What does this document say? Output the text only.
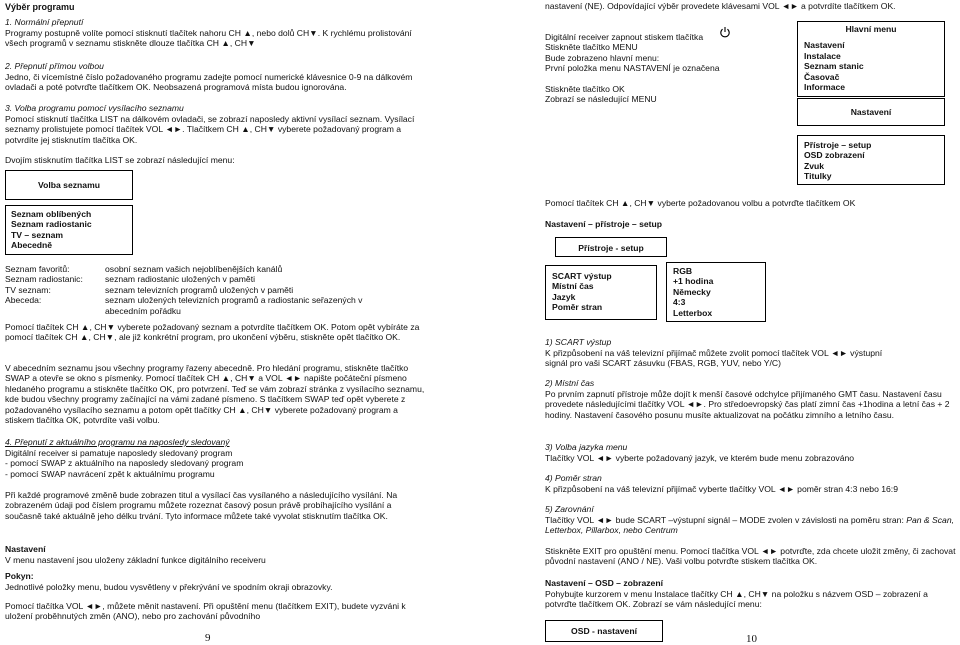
Výběr programu
1. Normální přepnutí

Programy postupně volíte pomocí stisknutí tlačítek nahoru CH ▲, nebo dolů CH▼. K rychlému prolistování všech programů v seznamu stiskněte dlouze tlačítka CH ▲, CH▼

2. Přepnutí přímou volbou

Jedno, či vícemístné číslo požadovaného programu zadejte pomocí numerické klávesnice 0-9 na dálkovém ovladači a poté potvrďte tlačítkem OK. Neobsazená programová místa budou ignorována.

3. Volba programu pomocí vysílacího seznamu

Pomocí stisknutí tlačítka LIST na dálkovém ovladači, se zobrazí naposledy aktivní vysílací seznam. Vysílací seznamy prolistujete pomocí tlačítek VOL ◄►. Tlačítkem CH ▲, CH▼ vyberete požadovaný program a potvrdíte jej stisknutím tlačítka OK.

Dvojím stisknutím tlačítka LIST se zobrazí následující menu:
Volba seznamu
Seznam oblíbených
Seznam radiostanic
TV – seznam
Abecedně
Seznam favoritů:	osobní seznam vašich nejoblíbenějších kanálů
Seznam radiostanic:	seznam radiostanic uložených v paměti
TV seznam:	seznam televizních programů uložených v paměti
Abeceda:	seznam uložených televizních programů a radiostanic seřazených v abecedním pořádku

Pomocí tlačítek CH ▲, CH▼ vyberete požadovaný seznam a potvrdíte tlačítkem OK. Potom opět vybíráte za pomocí tlačítek CH ▲, CH▼, ale již konkrétní program, pro ukončení výběru, stiskněte opět tlačítko OK.

V abecedním seznamu jsou všechny programy řazeny abecedně. Pro hledání programu, stiskněte tlačítko SWAP a otevře se okno s písmenky. Pomocí tlačítek CH ▲, CH▼ a VOL ◄► napište počáteční písmeno hledaného programu a stiskněte tlačítko OK, pro potvrzení. Teď se vám zobrazí stránka z vysílacího seznamu, kde budou všechny programy začínající na vámi zadané písmeno. S tlačítkem SWAP teď opět vyberete z požadovaného vysílacího seznamu a potom opět tlačítky CH ▲, CH▼ vyberete požadovaný program a stiskem tlačítka OK, potvrdíte vaši volbu.

4. Přepnutí z aktuálního programu na naposledy sledovaný
Digitální receiver si pamatuje naposledy sledovaný program
- pomocí SWAP z aktuálního na naposledy sledovaný program
- pomocí SWAP navrácení zpět k aktuálnímu programu

Při každé programové změně bude zobrazen titul a vysílací čas vysílaného a následujícího vysílání. Na zobrazeném údaji pod číslem programu můžete rozeznat časový posun právě probíhajícího vysílání a současně také aktuálně jeho délku trvání. Tyto informace můžete také vyvolat stisknutím tlačítka OK.

Nastavení
V menu nastavení jsou uloženy základní funkce digitálního receiveru
Pokyn:
Jednotlivé položky menu, budou vysvětleny v překrývání ve spodním okraji obrazovky.

Pomocí tlačítka VOL ◄►, můžete měnit nastavení. Při opuštění menu (tlačítkem EXIT), budete vyzváni k uložení proběhnutých změn (ANO), nebo pro zachování původního

9
nastavení (NE). Odpovídající výběr provedete klávesami VOL ◄► a potvrdíte tlačítkem OK.
Digitální receiver zapnout stiskem tlačítka
Stiskněte tlačítko MENU
Bude zobrazeno hlavní menu:
První položka menu NASTAVENÍ je označena
Stiskněte tlačítko OK
Zobrazí se následující MENU
Hlavní menu
Nastavení
Instalace
Seznam stanic
Časovač
Informace
Nastavení
Přístroje – setup
OSD zobrazení
Zvuk
Titulky
Pomocí tlačítek CH ▲, CH▼ vyberte požadovanou volbu a potvrďte tlačítkem OK
Nastavení – přístroje – setup
Přístroje - setup
SCART výstup
Místní čas
Jazyk
Poměr stran
RGB
+1 hodina
Německy
4:3
Letterbox
1) SCART výstup

K přizpůsobení na váš televizní přijímač můžete zvolit pomocí tlačítek VOL ◄► výstupní signál pro vaši SCART zásuvku (FBAS, RGB, YUV, nebo Y/C)

2) Místní čas

Po prvním zapnutí přístroje může dojít k menší časové odchylce přijímaného GMT času. Nastavení času provedete následujícími tlačítky VOL ◄►. Pro středoevropský čas platí zimní čas +1hodina a letní čas + 2 hodiny. Nastavení časového posunu musíte aktualizovat na počátku zimního a letního času.

3) Volba jazyka menu
Tlačítky VOL ◄► vyberte požadovaný jazyk, ve kterém bude menu zobrazováno
4) Poměr stran
K přizpůsobení na váš televizní přijímač vyberte tlačítky VOL ◄► poměr stran 4:3 nebo 16:9
5) Zarovnání

Tlačítky VOL ◄► bude SCART –výstupní signál – MODE zvolen v závislosti na poměru stran: Pan & Scan, Letterbox, Pillarbox, nebo Centrum

Stiskněte EXIT pro opuštění menu. Pomocí tlačítka VOL ◄► potvrďte, zda chcete uložit změny, či zachovat původní nastavení (ANO / NE). Vaši volbu potvrďte stiskem tlačítka OK.

Nastavení – OSD – zobrazení

Pohybujte kurzorem v menu Instalace tlačítky CH ▲, CH▼ na položku s názvem OSD – zobrazení a potvrďte tlačítkem OK. Zobrazí se vám následující menu:

OSD - nastavení
10
